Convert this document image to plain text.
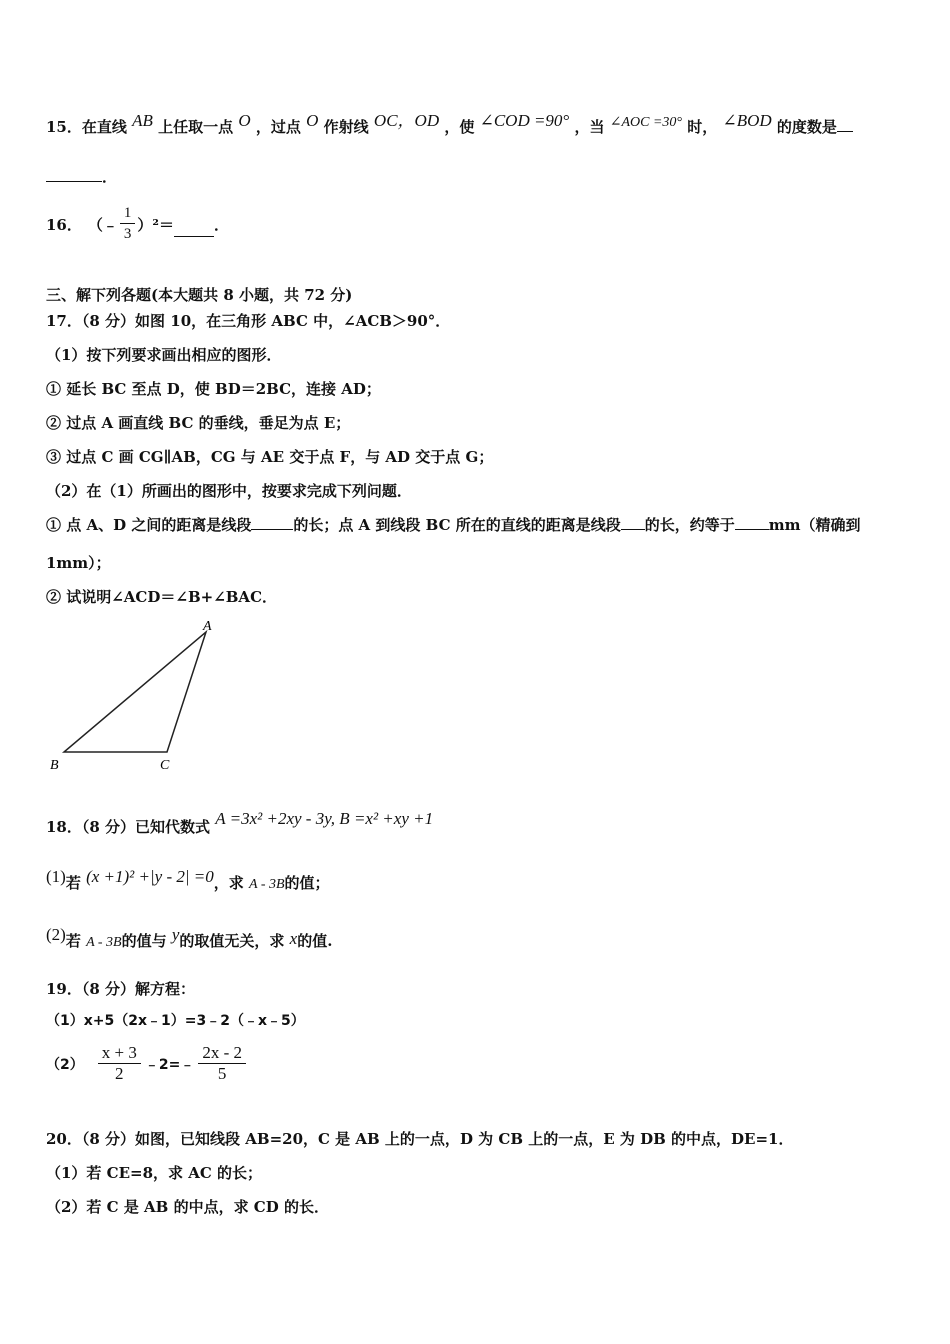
15．在直线 AB 上任取一点 O ，过点 O 作射线 OC，OD ，使 ∠COD =90° ，当 ∠AOC =30° 时， ∠BOD 的度数是
．
16． （﹣ $\frac{1}{3} )^2=$	．
三、解下列各题(本大题共 8 小题，共 72 分)
17．（8 分）如图 10，在三角形 ABC 中，∠ACB＞90°．
（1）按下列要求画出相应的图形．
① 延长 BC 至点 D，使 BD＝2BC，连接 AD；
② 过点 A 画直线 BC 的垂线，垂足为点 E；
③ 过点 C 画 CG∥AB，CG 与 AE 交于点 F，与 AD 交于点 G；
（2）在（1）所画出的图形中，按要求完成下列问题．
① 点 A、D 之间的距离是线段	的长；点 A 到线段 BC 所在的直线的距离是线段 的长，约等于 mm（精确到
1mm）；
② 试说明∠ACD＝∠B+∠BAC．
A
B	C
18．（8 分）已知代数式 A =3x² +2xy - 3y, B =x² +xy +1
(1)若 (x +1)² +|y - 2| =0，求 A - 3B的值；
(2)若 A - 3B的值与 y的取值无关，求 x的值.
19．（8 分）解方程：
（1）x+5（2x﹣1）=3﹣2（﹣x﹣5）
$(2) \frac{x + 3}{2}$ ﹣2=﹣ $\frac{2x - 2}{5}$
20．（8 分）如图，已知线段 AB=20，C 是 AB 上的一点，D 为 CB 上的一点，E 为 DB 的中点，DE=1．
（1）若 CE=8，求 AC 的长；
（2）若 C 是 AB 的中点，求 CD 的长．
